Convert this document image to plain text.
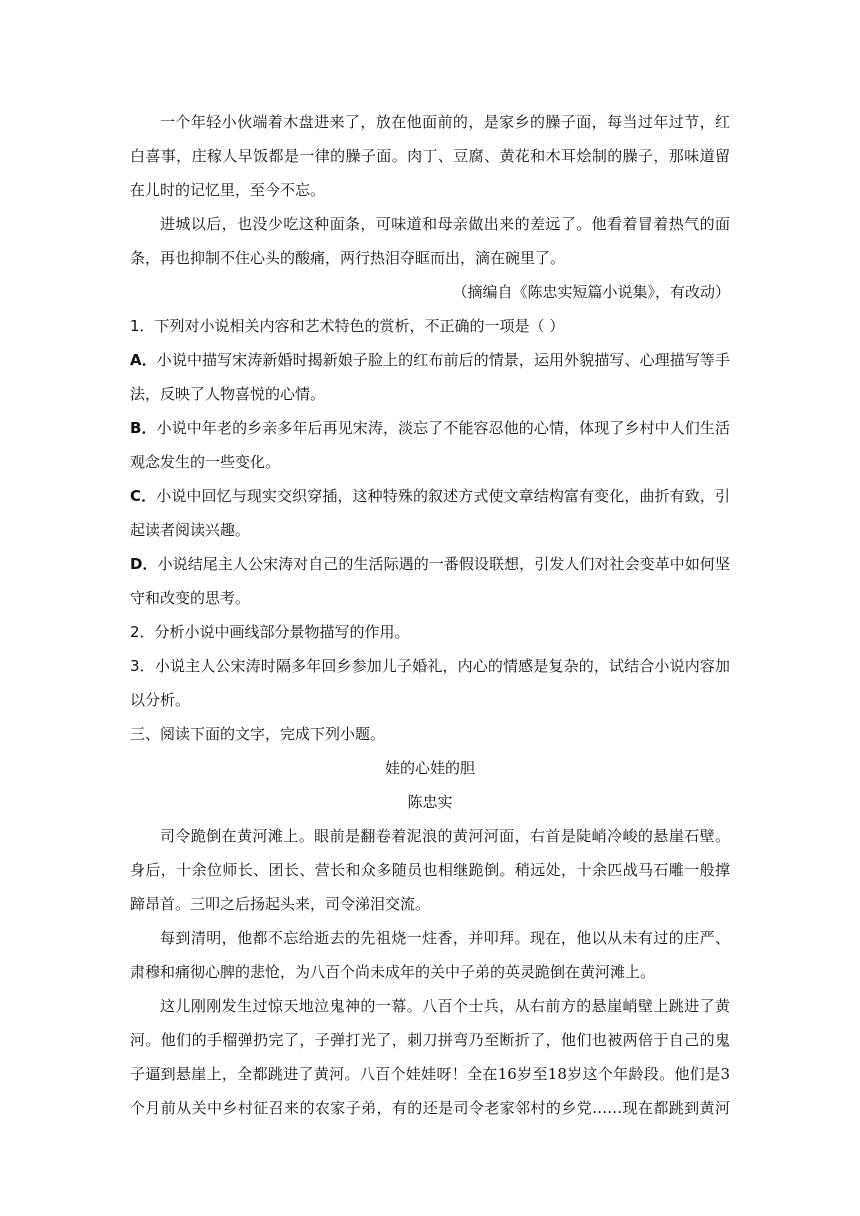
一个年轻小伙端着木盘进来了，放在他面前的，是家乡的臊子面，每当过年过节，红
白喜事，庄稼人早饭都是一律的臊子面。肉丁、豆腐、黄花和木耳烩制的臊子，那味道留
在儿时的记忆里，至今不忘。
进城以后，也没少吃这种面条，可味道和母亲做出来的差远了。他看着冒着热气的面
条，再也抑制不住心头的酸痛，两行热泪夺眶而出，滴在碗里了。
（摘编自《陈忠实短篇小说集》，有改动）
1．下列对小说相关内容和艺术特色的赏析，不正确的一项是（ ）
A．小说中描写宋涛新婚时揭新娘子脸上的红布前后的情景，运用外貌描写、心理描写等手
法，反映了人物喜悦的心情。
B．小说中年老的乡亲多年后再见宋涛，淡忘了不能容忍他的心情，体现了乡村中人们生活
观念发生的一些变化。
C．小说中回忆与现实交织穿插，这种特殊的叙述方式使文章结构富有变化，曲折有致，引
起读者阅读兴趣。
D．小说结尾主人公宋涛对自己的生活际遇的一番假设联想，引发人们对社会变革中如何坚
守和改变的思考。
2．分析小说中画线部分景物描写的作用。
3．小说主人公宋涛时隔多年回乡参加儿子婚礼，内心的情感是复杂的，试结合小说内容加
以分析。
三、阅读下面的文字，完成下列小题。
娃的心娃的胆
陈忠实
司令跪倒在黄河滩上。眼前是翻卷着泥浪的黄河河面，右首是陡峭冷峻的悬崖石壁。
身后，十余位师长、团长、营长和众多随员也相继跪倒。稍远处，十余匹战马石雕一般撑
蹄昂首。三叩之后扬起头来，司令涕泪交流。
每到清明，他都不忘给逝去的先祖烧一炷香，并叩拜。现在，他以从未有过的庄严、
肃穆和痛彻心脾的悲怆，为八百个尚未成年的关中子弟的英灵跪倒在黄河滩上。
这儿刚刚发生过惊天地泣鬼神的一幕。八百个士兵，从右前方的悬崖峭壁上跳进了黄
河。他们的手榴弹扔完了，子弹打光了，刺刀拼弯乃至断折了，他们也被两倍于自己的鬼
子逼到悬崖上，全都跳进了黄河。八百个娃娃呀！全在16岁至18岁这个年龄段。他们是3
个月前从关中乡村征召来的农家子弟，有的还是司令老家邻村的乡党……现在都跳到黄河
